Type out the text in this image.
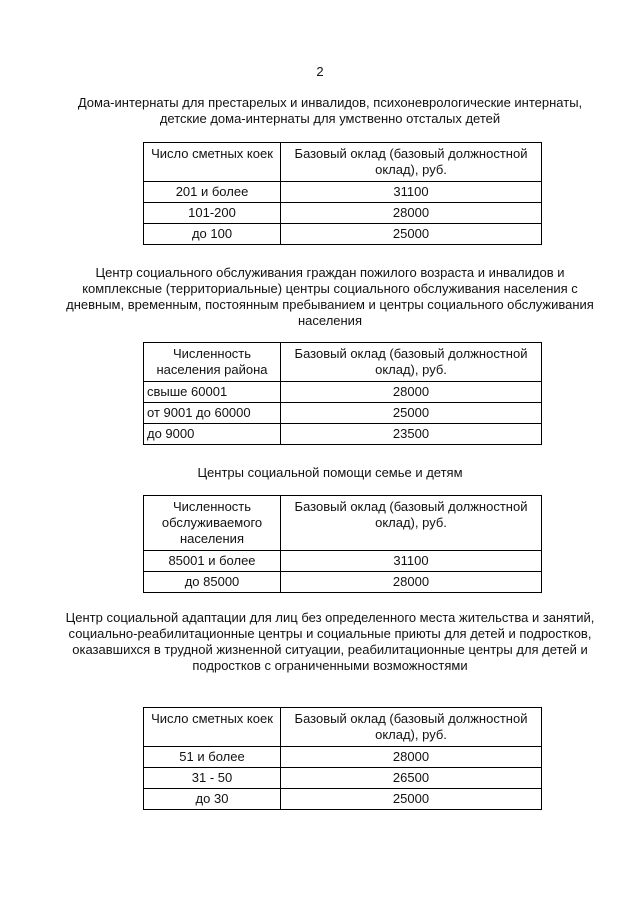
2
Дома-интернаты для престарелых и инвалидов, психоневрологические интернаты, детские дома-интернаты для умственно отсталых детей
Число сметных коек	Базовый оклад (базовый должностной оклад), руб.
201 и более	31100
101-200	28000
до 100	25000
Центр социального обслуживания граждан пожилого возраста и инвалидов и комплексные (территориальные) центры социального обслуживания населения с дневным, временным, постоянным пребыванием и центры социального обслуживания населения
Численность населения района	Базовый оклад (базовый должностной оклад), руб.
свыше 60001	28000
от 9001 до 60000	25000
до 9000	23500
Центры социальной помощи семье и детям
Численность обслуживаемого населения	Базовый оклад (базовый должностной оклад), руб.
85001 и более	31100
до 85000	28000
Центр социальной адаптации для лиц без определенного места жительства и занятий, социально-реабилитационные центры и социальные приюты для детей и подростков, оказавшихся в трудной жизненной ситуации, реабилитационные центры для детей и подростков с ограниченными возможностями
Число сметных коек	Базовый оклад (базовый должностной оклад), руб.
51 и более	28000
31 - 50	26500
до 30	25000
